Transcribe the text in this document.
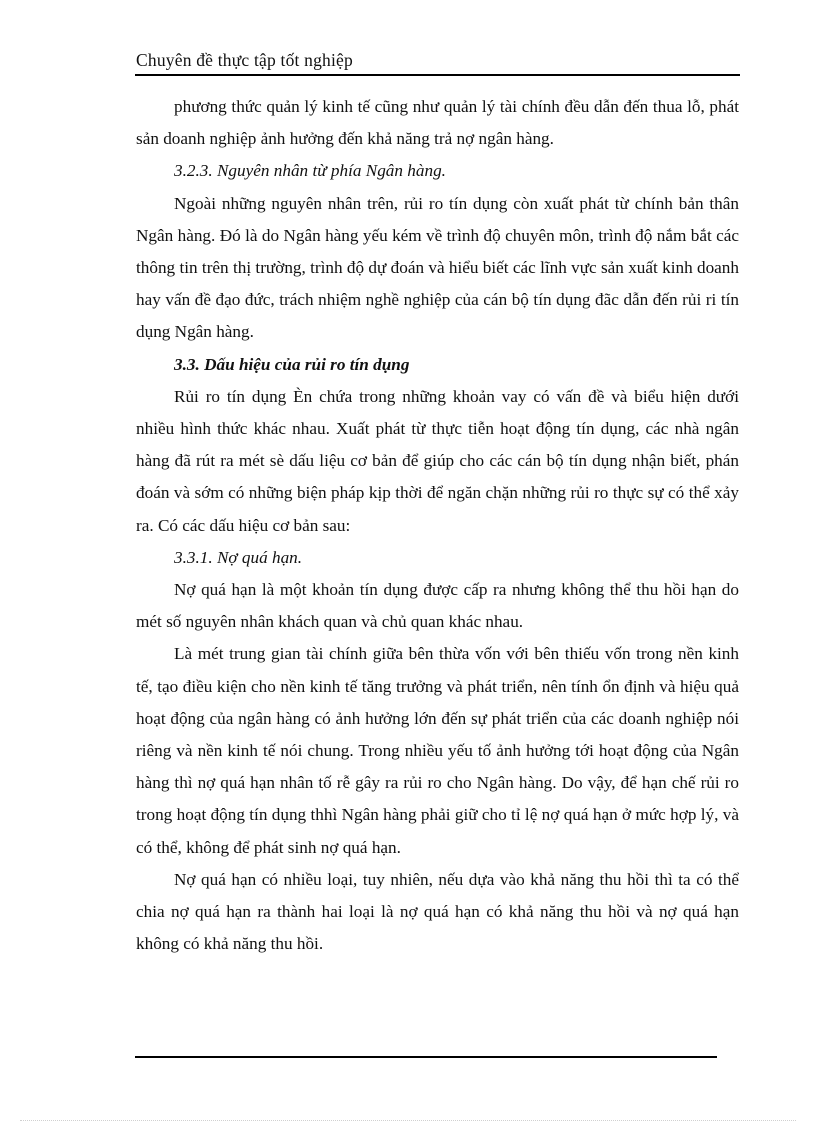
Chuyên đề thực tập tốt nghiệp

phương thức quản lý kinh tế cũng như quản lý tài chính đều dẫn đến thua lỗ, phát sản doanh nghiệp ảnh hưởng đến khả năng trả nợ ngân hàng.

3.2.3. Nguyên nhân từ phía Ngân hàng.

Ngoài những nguyên nhân trên, rủi ro tín dụng còn xuất phát từ chính bản thân Ngân hàng. Đó là do Ngân hàng yếu kém về trình độ chuyên môn, trình độ nắm bắt các thông tin trên thị trường, trình độ dự đoán và hiểu biết các lĩnh vực sản xuất kinh doanh hay vấn đề đạo đức, trách nhiệm nghề nghiệp của cán bộ tín dụng đãc dẫn đến rủi ri tín dụng Ngân hàng.

3.3. Dấu hiệu của rủi ro tín dụng

Rủi ro tín dụng Èn chứa trong những khoản vay có vấn đề và biểu hiện dưới nhiều hình thức khác nhau. Xuất phát từ thực tiễn hoạt động tín dụng, các nhà ngân hàng đã rút ra mét sè dấu liệu cơ bản để giúp cho các cán bộ tín dụng nhận biết, phán đoán và sớm có những biện pháp kịp thời để ngăn chặn những rủi ro thực sự có thể xảy ra. Có các dấu hiệu cơ bản sau:

3.3.1. Nợ quá hạn.

Nợ quá hạn là một khoản tín dụng được cấp ra nhưng không thể thu hồi hạn do mét số nguyên nhân khách quan và chủ quan khác nhau.

Là mét trung gian tài chính giữa bên thừa vốn với bên thiếu vốn trong nền kinh tế, tạo điều kiện cho nền kinh tế tăng trưởng và phát triển, nên tính ổn định và hiệu quả hoạt động của ngân hàng có ảnh hưởng lớn đến sự phát triển của các doanh nghiệp nói riêng và nền kinh tế nói chung. Trong nhiều yếu tố ảnh hưởng tới hoạt động của Ngân hàng thì nợ quá hạn nhân tố rễ gây ra rủi ro cho Ngân hàng. Do vậy, để hạn chế rủi ro trong hoạt động tín dụng thhì Ngân hàng phải giữ cho tỉ lệ nợ quá hạn ở mức hợp lý, và có thể, không để phát sinh nợ quá hạn.

Nợ quá hạn có nhiều loại, tuy nhiên, nếu dựa vào khả năng thu hồi thì ta có thể chia nợ quá hạn ra thành hai loại là nợ quá hạn có khả năng thu hồi và nợ quá hạn không có khả năng thu hồi.
